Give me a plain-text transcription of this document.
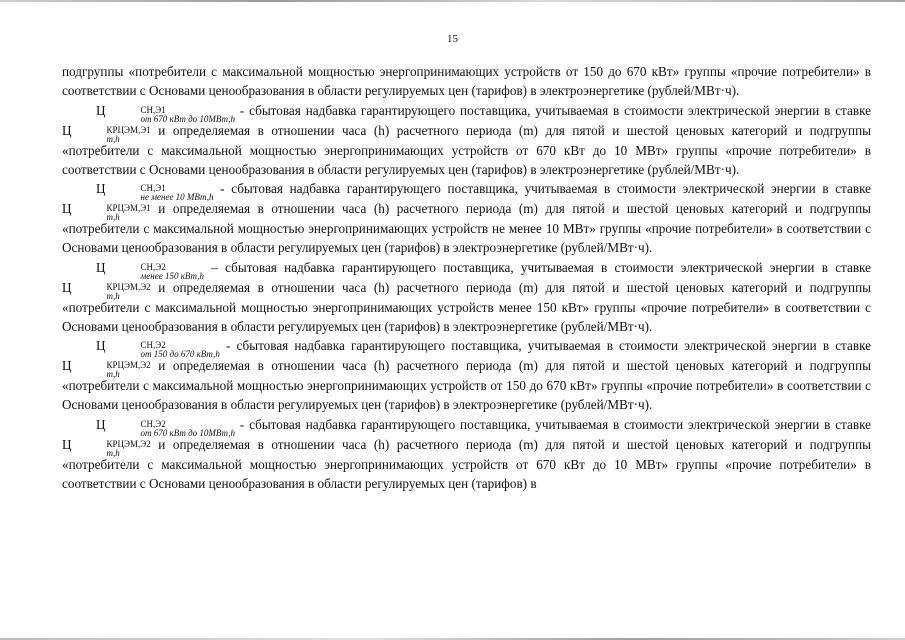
15

подгруппы «потребители с максимальной мощностью энергопринимающих устройств от 150 до 670 кВт» группы «прочие потребители» в соответствии с Основами ценообразования в области регулируемых цен (тарифов) в электроэнергетике (рублей/МВт·ч).

Ц	СН,Э1
от 670 кВт до 10МВт,h
- сбытовая надбавка гарантирующего поставщика, учитываемая в стоимости электрической энергии в ставке Ц	КРЦЭМ,Э1
m,h
и определяемая в отношении часа (h) расчетного периода (m) для пятой и шестой ценовых категорий и подгруппы «потребители с максимальной мощностью энергопринимающих устройств от 670 кВт до 10 МВт» группы «прочие потребители» в соответствии с Основами ценообразования в области регулируемых цен (тарифов) в электроэнергетике (рублей/МВт·ч).

Ц	СН,Э1
не менее 10 МВт,h
- сбытовая надбавка гарантирующего поставщика, учитываемая в стоимости электрической энергии в ставке Ц	КРЦЭМ,Э1
m,h
и определяемая в отношении часа (h) расчетного периода (m) для пятой и шестой ценовых категорий и подгруппы «потребители с максимальной мощностью энергопринимающих устройств не менее 10 МВт» группы «прочие потребители» в соответствии с Основами ценообразования в области регулируемых цен (тарифов) в электроэнергетике (рублей/МВт·ч).

Ц	СН,Э2
менее 150 кВт,h
– сбытовая надбавка гарантирующего поставщика, учитываемая в стоимости электрической энергии в ставке Ц	КРЦЭМ,Э2
m,h
и определяемая в отношении часа (h) расчетного периода (m) для пятой и шестой ценовых категорий и подгруппы «потребители с максимальной мощностью энергопринимающих устройств менее 150 кВт» группы «прочие потребители» в соответствии с Основами ценообразования в области регулируемых цен (тарифов) в электроэнергетике (рублей/МВт·ч).

Ц	СН,Э2
от 150 до 670 кВт,h
- сбытовая надбавка гарантирующего поставщика, учитываемая в стоимости электрической энергии в ставке Ц	КРЦЭМ,Э2
m,h
и определяемая в отношении часа (h) расчетного периода (m) для пятой и шестой ценовых категорий и подгруппы «потребители с максимальной мощностью энергопринимающих устройств от 150 до 670 кВт» группы «прочие потребители» в соответствии с Основами ценообразования в области регулируемых цен (тарифов) в электроэнергетике (рублей/МВт·ч).

Ц	СН,Э2
от 670 кВт до 10МВт,h
- сбытовая надбавка гарантирующего поставщика, учитываемая в стоимости электрической энергии в ставке Ц	КРЦЭМ,Э2
m,h
и определяемая в отношении часа (h) расчетного периода (m) для пятой и шестой ценовых категорий и подгруппы «потребители с максимальной мощностью энергопринимающих устройств от 670 кВт до 10 МВт» группы «прочие потребители» в соответствии с Основами ценообразования в области регулируемых цен (тарифов) в
